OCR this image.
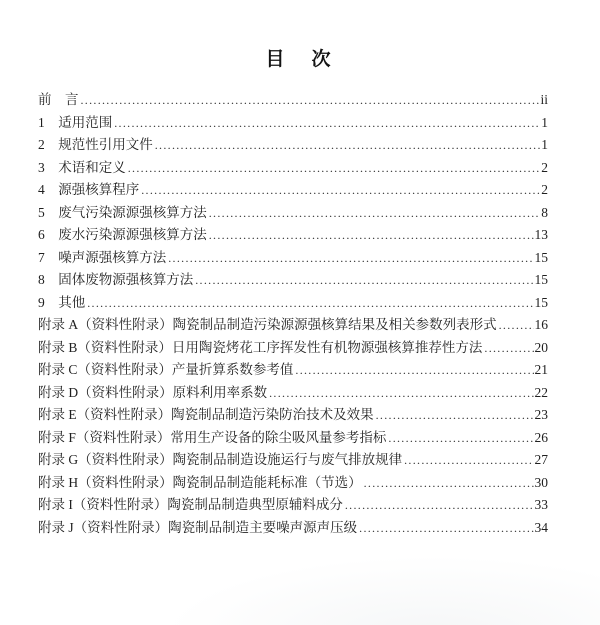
目　次
前　言 .....	ii
1　适用范围 .....	1
2　规范性引用文件 .....	1
3　术语和定义 .....	2
4　源强核算程序 .....	2
5　废气污染源源强核算方法 .....	8
6　废水污染源源强核算方法 .....	13
7　噪声源强核算方法 .....	15
8　固体废物源强核算方法 .....	15
9　其他 .....	15
附录 A（资料性附录）陶瓷制品制造污染源源强核算结果及相关参数列表形式 .....	16
附录 B（资料性附录）日用陶瓷烤花工序挥发性有机物源强核算推荐性方法 .....	20
附录 C（资料性附录）产量折算系数参考值 .....	21
附录 D（资料性附录）原料利用率系数 .....	22
附录 E（资料性附录）陶瓷制品制造污染防治技术及效果 .....	23
附录 F（资料性附录）常用生产设备的除尘吸风量参考指标 .....	26
附录 G（资料性附录）陶瓷制品制造设施运行与废气排放规律 .....	27
附录 H（资料性附录）陶瓷制品制造能耗标准（节选） .....	30
附录 I（资料性附录）陶瓷制品制造典型原辅料成分 .....	33
附录 J（资料性附录）陶瓷制品制造主要噪声源声压级 .....	34
